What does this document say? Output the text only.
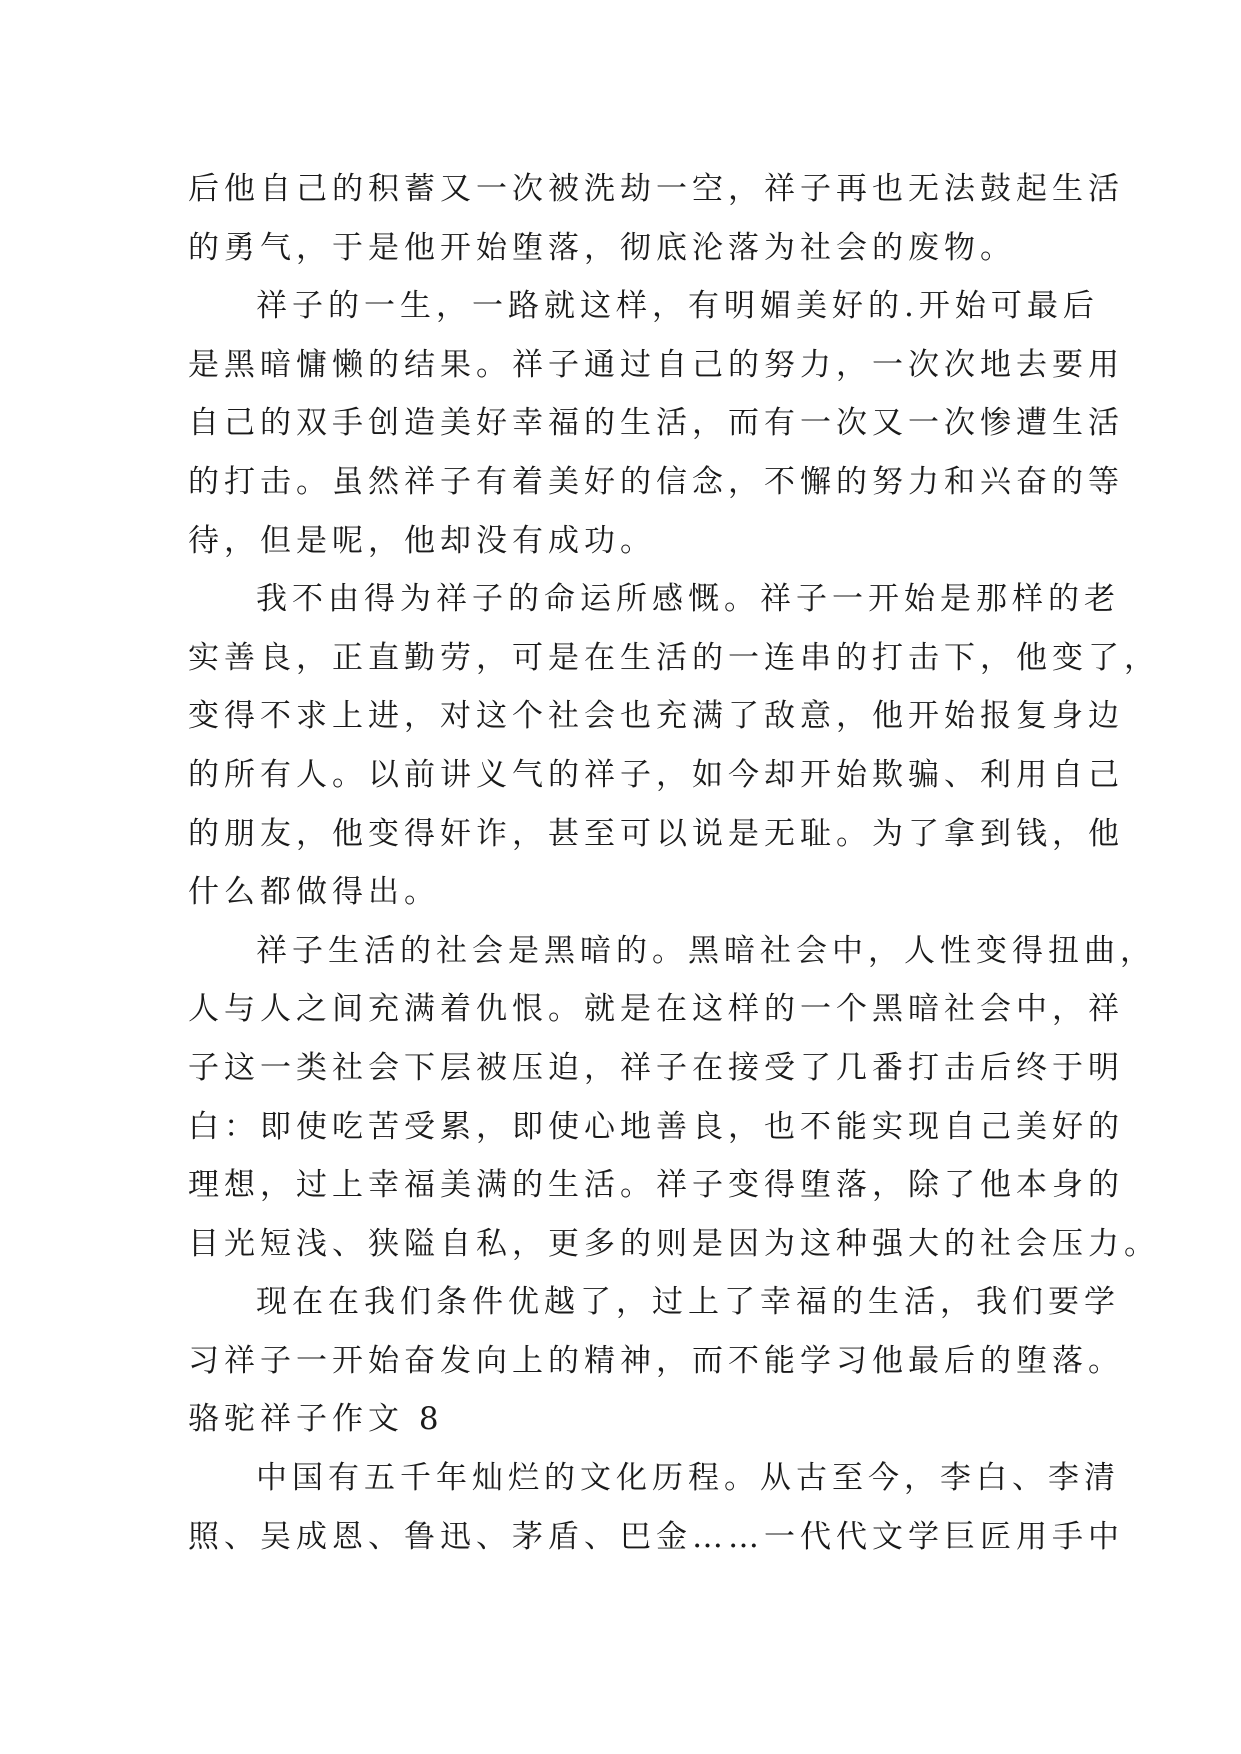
后他自己的积蓄又一次被洗劫一空，祥子再也无法鼓起生活
的勇气，于是他开始堕落，彻底沦落为社会的废物。
祥子的一生，一路就这样，有明媚美好的.开始可最后
是黑暗慵懒的结果。祥子通过自己的努力，一次次地去要用
自己的双手创造美好幸福的生活，而有一次又一次惨遭生活
的打击。虽然祥子有着美好的信念，不懈的努力和兴奋的等
待，但是呢，他却没有成功。
我不由得为祥子的命运所感慨。祥子一开始是那样的老
实善良，正直勤劳，可是在生活的一连串的打击下，他变了，
变得不求上进，对这个社会也充满了敌意，他开始报复身边
的所有人。以前讲义气的祥子，如今却开始欺骗、利用自己
的朋友，他变得奸诈，甚至可以说是无耻。为了拿到钱，他
什么都做得出。
祥子生活的社会是黑暗的。黑暗社会中，人性变得扭曲，
人与人之间充满着仇恨。就是在这样的一个黑暗社会中，祥
子这一类社会下层被压迫，祥子在接受了几番打击后终于明
白：即使吃苦受累，即使心地善良，也不能实现自己美好的
理想，过上幸福美满的生活。祥子变得堕落，除了他本身的
目光短浅、狭隘自私，更多的则是因为这种强大的社会压力。
现在在我们条件优越了，过上了幸福的生活，我们要学
习祥子一开始奋发向上的精神，而不能学习他最后的堕落。
骆驼祥子作文 8
中国有五千年灿烂的文化历程。从古至今，李白、李清
照、吴成恩、鲁迅、茅盾、巴金……一代代文学巨匠用手中
